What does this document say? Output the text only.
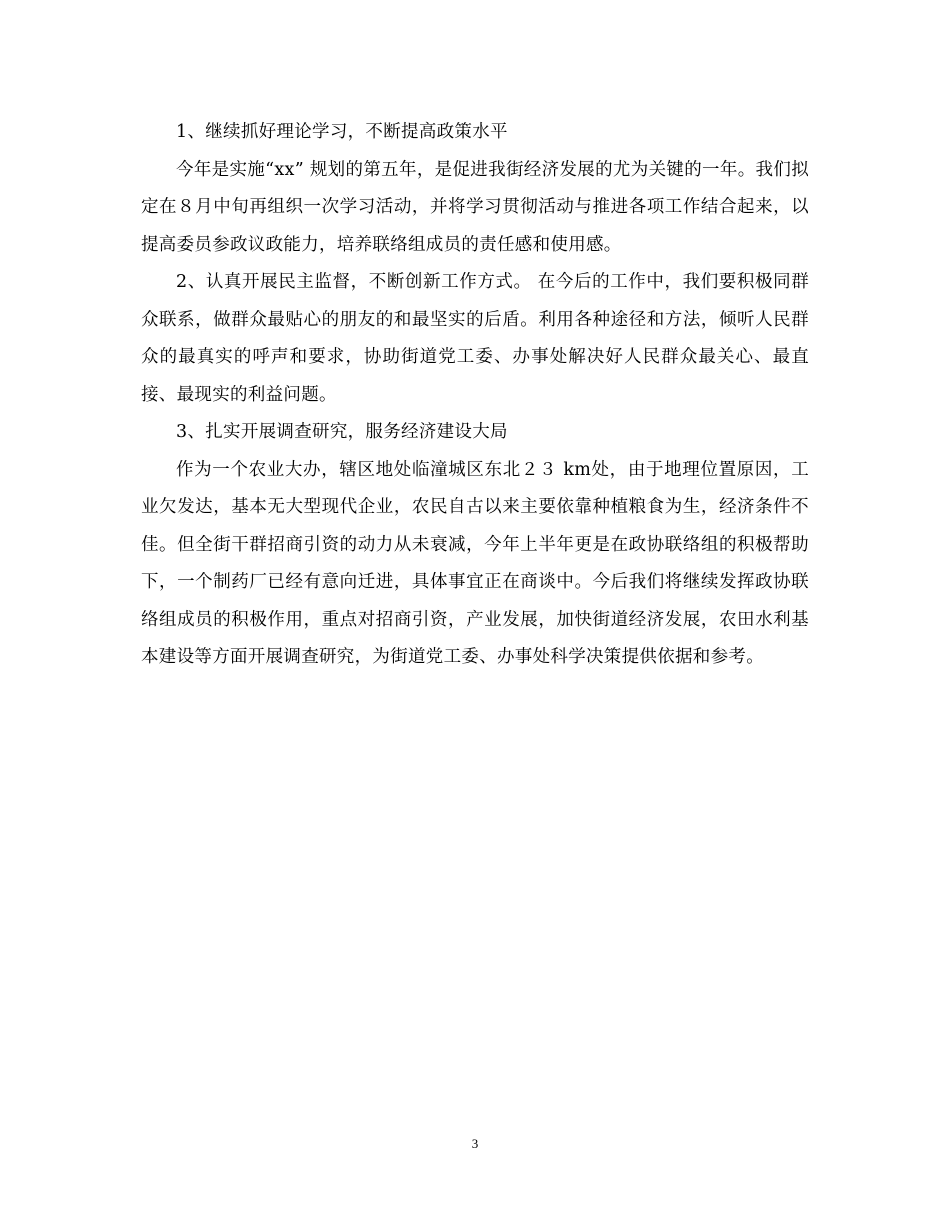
1、继续抓好理论学习，不断提高政策水平

今年是实施“xx” 规划的第五年，是促进我街经济发展的尤为关键的一年。我们拟定在８月中旬再组织一次学习活动，并将学习贯彻活动与推进各项工作结合起来，以提高委员参政议政能力，培养联络组成员的责任感和使用感。

2、认真开展民主监督，不断创新工作方式。 在今后的工作中，我们要积极同群众联系，做群众最贴心的朋友的和最坚实的后盾。利用各种途径和方法，倾听人民群众的最真实的呼声和要求，协助街道党工委、办事处解决好人民群众最关心、最直接、最现实的利益问题。

3、扎实开展调查研究，服务经济建设大局

作为一个农业大办，辖区地处临潼城区东北２３ km处，由于地理位置原因，工业欠发达，基本无大型现代企业，农民自古以来主要依靠种植粮食为生，经济条件不佳。但全街干群招商引资的动力从未衰减，今年上半年更是在政协联络组的积极帮助下，一个制药厂已经有意向迁进，具体事宜正在商谈中。今后我们将继续发挥政协联络组成员的积极作用，重点对招商引资，产业发展，加快街道经济发展，农田水利基本建设等方面开展调查研究，为街道党工委、办事处科学决策提供依据和参考。

3
